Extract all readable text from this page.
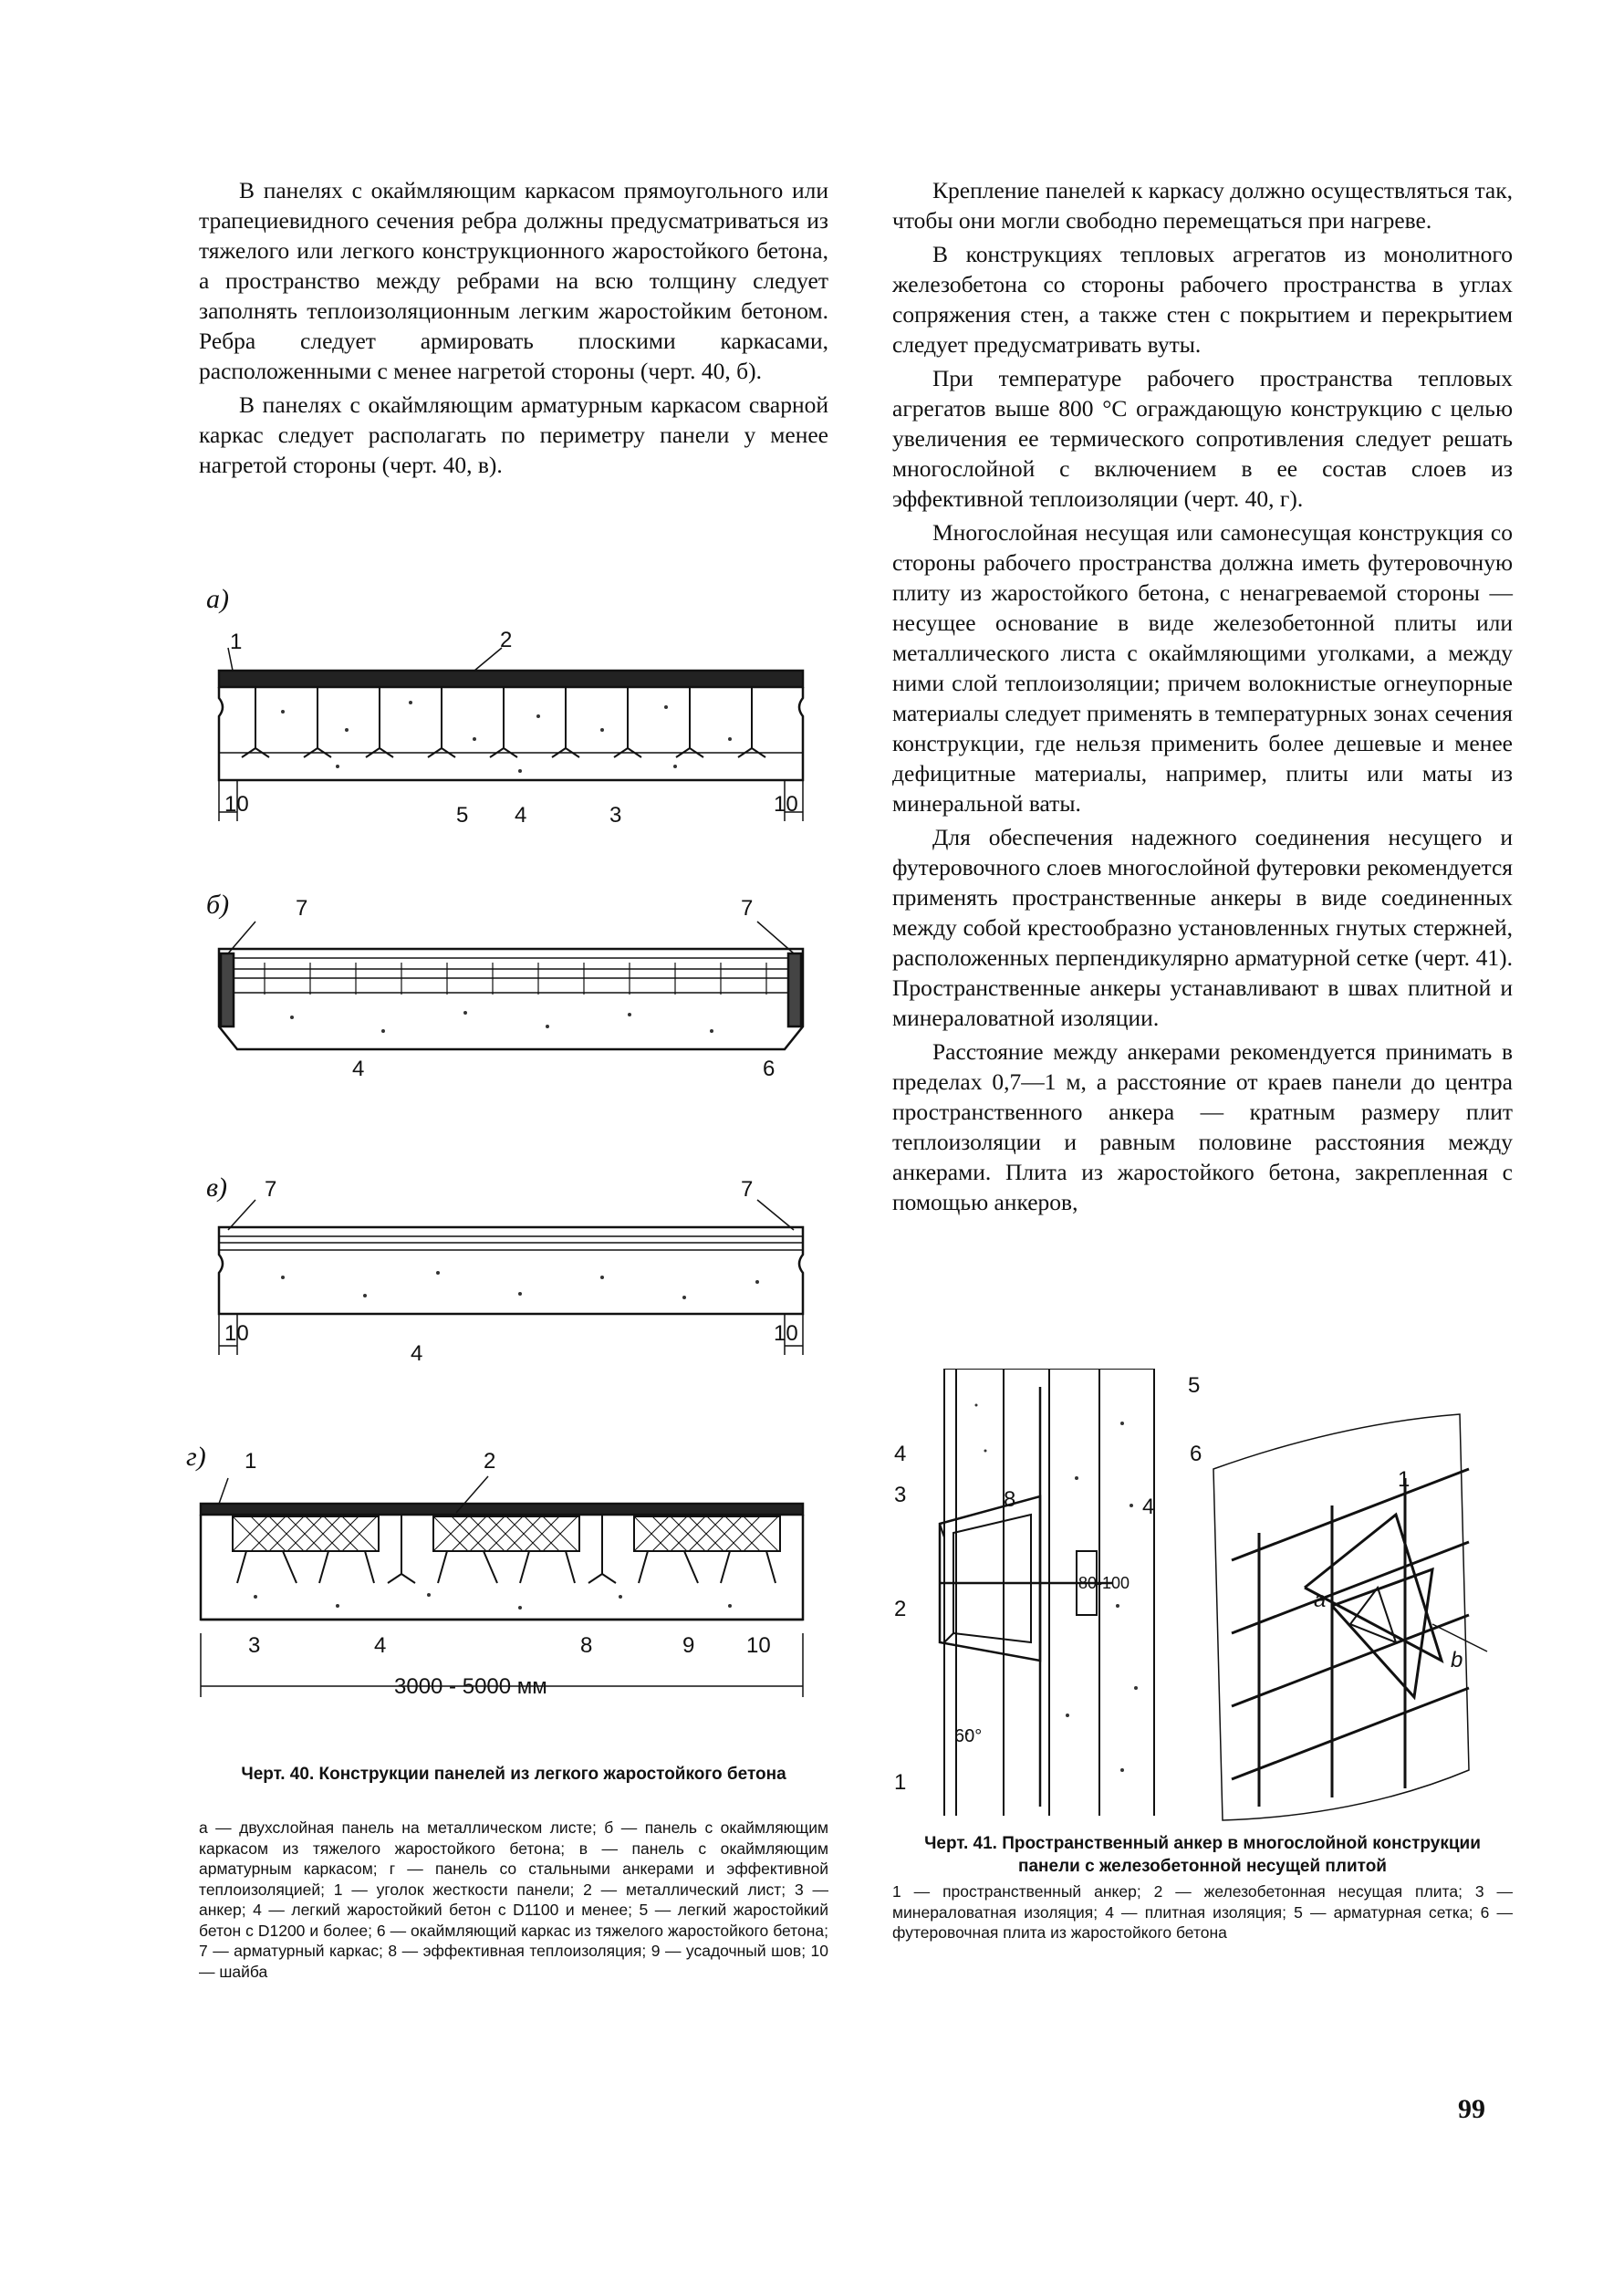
В панелях с окаймляющим каркасом прямоугольного или трапециевидного сечения ребра должны предусматриваться из тяжелого или легкого конструкционного жаростойкого бетона, а пространство между ребрами на всю толщину следует заполнять теплоизоляционным легким жаростойким бетоном. Ребра следует армировать плоскими каркасами, расположенными с менее нагретой стороны (черт. 40, б).

В панелях с окаймляющим арматурным каркасом сварной каркас следует располагать по периметру панели у менее нагретой стороны (черт. 40, в).

Крепление панелей к каркасу должно осуществляться так, чтобы они могли свободно перемещаться при нагреве.

В конструкциях тепловых агрегатов из монолитного железобетона со стороны рабочего пространства в углах сопряжения стен, а также стен с покрытием и перекрытием следует предусматривать вуты.

При температуре рабочего пространства тепловых агрегатов выше 800 °С ограждающую конструкцию с целью увеличения ее термического сопротивления следует решать многослойной с включением в ее состав слоев из эффективной теплоизоляции (черт. 40, г).

Многослойная несущая или самонесущая конструкция со стороны рабочего пространства должна иметь футеровочную плиту из жаростойкого бетона, с ненагреваемой стороны — несущее основание в виде железобетонной плиты или металлического листа с окаймляющими уголками, а между ними слой теплоизоляции; причем волокнистые огнеупорные материалы следует применять в температурных зонах сечения конструкции, где нельзя применить более дешевые и менее дефицитные материалы, например, плиты или маты из минеральной ваты.

Для обеспечения надежного соединения несущего и футеровочного слоев многослойной футеровки рекомендуется применять пространственные анкеры в виде соединенных между собой крестообразно установленных гнутых стержней, расположенных перпендикулярно арматурной сетке (черт. 41). Пространственные анкеры устанавливают в швах плитной и минераловатной изоляции.

Расстояние между анкерами рекомендуется принимать в пределах 0,7—1 м, а расстояние от краев панели до центра пространственного анкера — кратным размеру плит теплоизоляции и равным половине расстояния между анкерами. Плита из жаростойкого бетона, закрепленная с помощью анкеров,

а)
1	2
10	5 4	3	10
б)	7	7
4	6
в) 7	7
10
4
10
г) 1	2
3	4	8	9 10
3000 - 5000 мм
Черт. 40. Конструкции панелей из легкого жаростойкого бетона
а — двухслойная панель на металлическом листе; б — панель с окаймляющим каркасом из тяжелого жаростойкого бетона; в — панель с окаймляющим арматурным каркасом; г — панель со стальными анкерами и эффективной теплоизоляцией; 1 — уголок жесткости панели; 2 — металлический лист; 3 — анкер; 4 — легкий жаростойкий бетон с D1100 и менее; 5 — легкий жаростойкий бетон с D1200 и более; 6 — окаймляющий каркас из тяжелого жаростойкого бетона; 7 — арматурный каркас; 8 — эффективная теплоизоляция; 9 — усадочный шов; 10 — шайба
5
4	6
3	8	4
2
80-100
60°
1
a
b
1
Черт. 41. Пространственный анкер в многослойной конструкции панели с железобетонной несущей плитой
1 — пространственный анкер; 2 — железобетонная несущая плита; 3 — минераловатная изоляция; 4 — плитная изоляция; 5 — арматурная сетка; 6 — футеровочная плита из жаростойкого бетона
99
